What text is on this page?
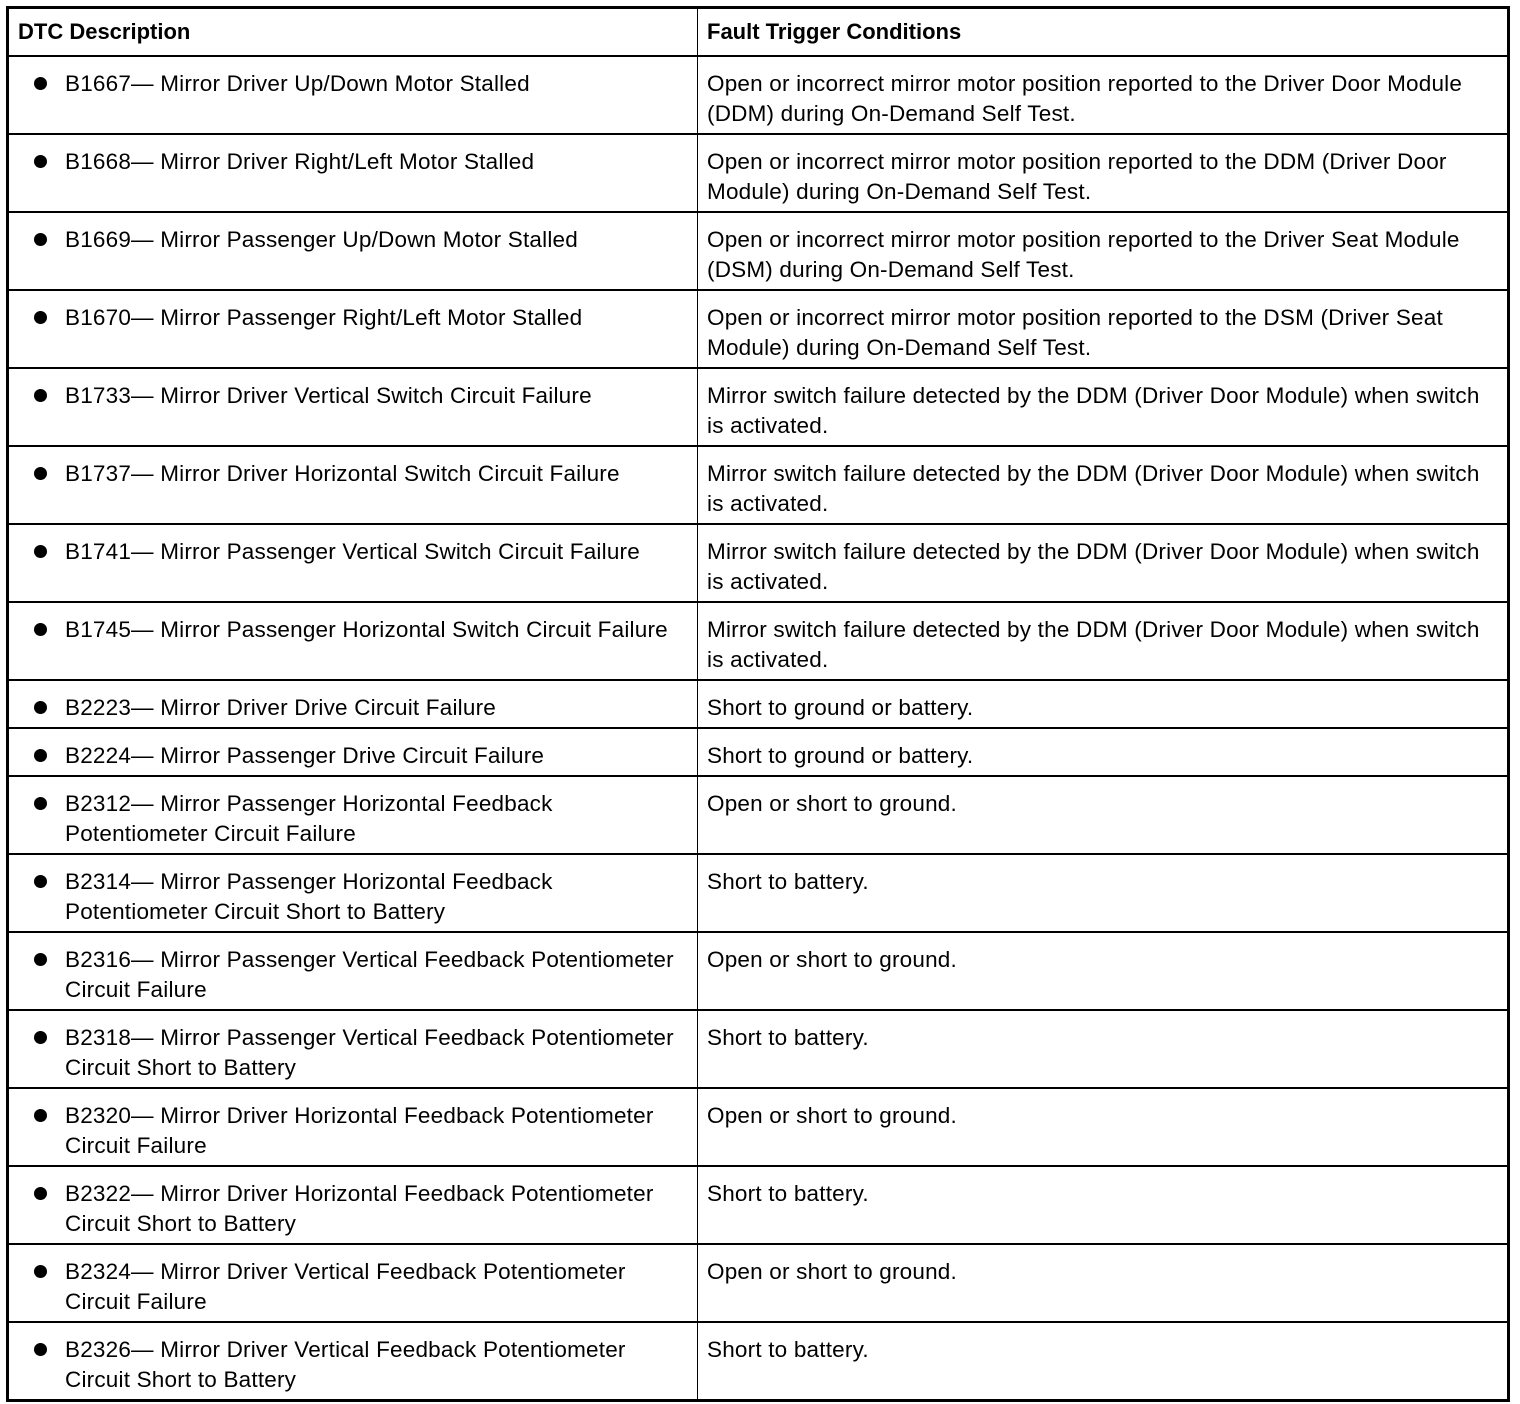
DTC Description	Fault Trigger Conditions

B1667— Mirror Driver Up/Down Motor Stalled	Open or incorrect mirror motor position reported to the Driver Door Module (DDM) during On-Demand Self Test.

B1668— Mirror Driver Right/Left Motor Stalled	Open or incorrect mirror motor position reported to the DDM (Driver Door Module) during On-Demand Self Test.

B1669— Mirror Passenger Up/Down Motor Stalled	Open or incorrect mirror motor position reported to the Driver Seat Module (DSM) during On-Demand Self Test.

B1670— Mirror Passenger Right/Left Motor Stalled	Open or incorrect mirror motor position reported to the DSM (Driver Seat Module) during On-Demand Self Test.

B1733— Mirror Driver Vertical Switch Circuit Failure	Mirror switch failure detected by the DDM (Driver Door Module) when switch is activated.

B1737— Mirror Driver Horizontal Switch Circuit Failure	Mirror switch failure detected by the DDM (Driver Door Module) when switch is activated.

B1741— Mirror Passenger Vertical Switch Circuit Failure	Mirror switch failure detected by the DDM (Driver Door Module) when switch is activated.

B1745— Mirror Passenger Horizontal Switch Circuit Failure	Mirror switch failure detected by the DDM (Driver Door Module) when switch is activated.

B2223— Mirror Driver Drive Circuit Failure	Short to ground or battery.

B2224— Mirror Passenger Drive Circuit Failure	Short to ground or battery.

B2312— Mirror Passenger Horizontal Feedback Potentiometer Circuit Failure	Open or short to ground.

B2314— Mirror Passenger Horizontal Feedback Potentiometer Circuit Short to Battery	Short to battery.

B2316— Mirror Passenger Vertical Feedback Potentiometer Circuit Failure	Open or short to ground.

B2318— Mirror Passenger Vertical Feedback Potentiometer Circuit Short to Battery	Short to battery.

B2320— Mirror Driver Horizontal Feedback Potentiometer Circuit Failure	Open or short to ground.

B2322— Mirror Driver Horizontal Feedback Potentiometer Circuit Short to Battery	Short to battery.

B2324— Mirror Driver Vertical Feedback Potentiometer Circuit Failure	Open or short to ground.

B2326— Mirror Driver Vertical Feedback Potentiometer Circuit Short to Battery	Short to battery.
